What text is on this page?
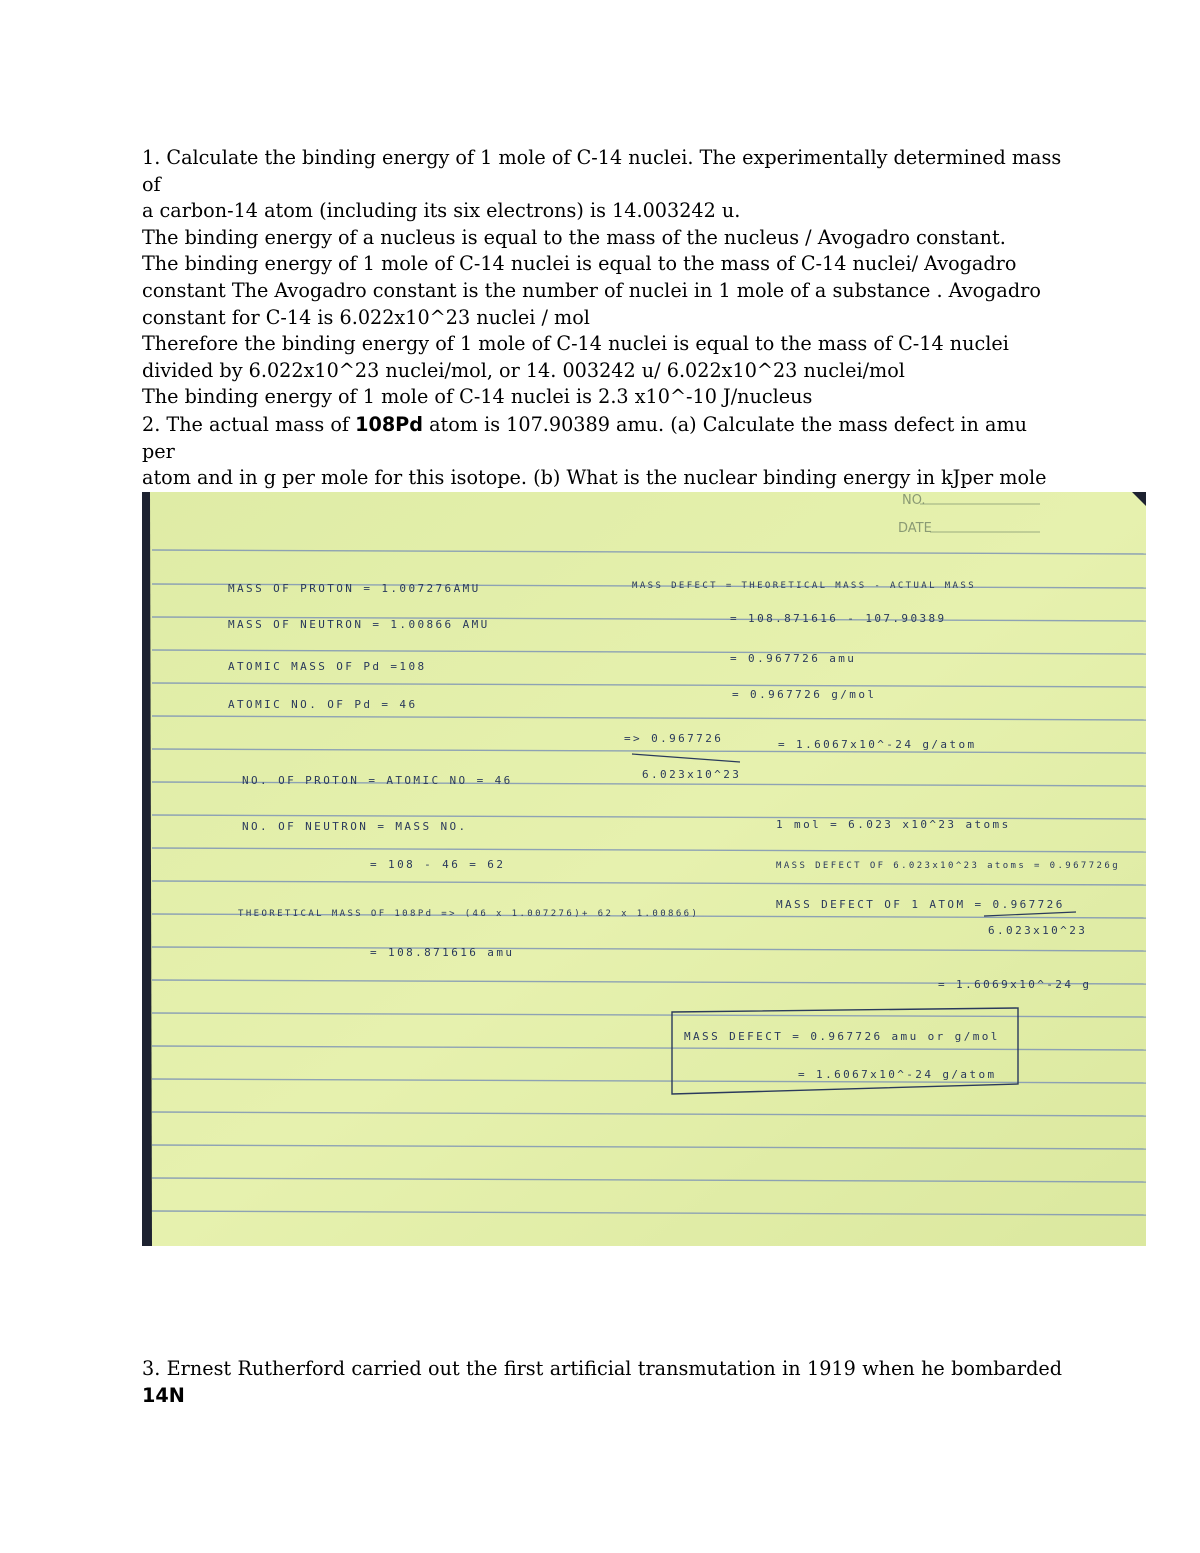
1. Calculate the binding energy of 1 mole of C-14 nuclei. The experimentally determined mass of

a carbon-14 atom (including its six electrons) is 14.003242 u.

The binding energy of a nucleus is equal to the mass of the nucleus / Avogadro constant.

The binding energy of 1 mole of C-14 nuclei is equal to the mass of C-14 nuclei/ Avogadro

constant The Avogadro constant is the number of nuclei in 1 mole of a substance . Avogadro

constant for C-14 is 6.022x10^23 nuclei / mol

Therefore the binding energy of 1 mole of C-14 nuclei is equal to the mass of C-14 nuclei

divided by 6.022x10^23 nuclei/mol, or 14. 003242 u/ 6.022x10^23 nuclei/mol

The binding energy of 1 mole of C-14 nuclei is 2.3 x10^-10 J/nucleus

2. The actual mass of 108Pd atom is 107.90389 amu. (a) Calculate the mass defect in amu per

atom and in g per mole for this isotope. (b) What is the nuclear binding energy in kJper mole

DATE
NO.
MASS OF PROTON = 1.007276AMU
MASS OF NEUTRON = 1.00866 AMU
ATOMIC MASS OF Pd =108
ATOMIC NO. OF Pd = 46
NO. OF PROTON = ATOMIC NO = 46
NO. OF NEUTRON = MASS NO.
= 108 - 46 = 62
THEORETICAL MASS OF 108Pd => (46 x 1.007276)+ 62 x 1.00866)
= 108.871616 amu
MASS DEFECT = THEORETICAL MASS - ACTUAL MASS
= 108.871616 - 107.90389
= 0.967726 amu
= 0.967726 g/mol
=> 0.967726
6.023x10^23
= 1.6067x10^-24 g/atom
1 mol = 6.023 x10^23 atoms
MASS DEFECT OF 6.023x10^23 atoms = 0.967726g
MASS DEFECT OF 1 ATOM = 0.967726
6.023x10^23
= 1.6069x10^-24 g
MASS DEFECT = 0.967726 amu or g/mol
= 1.6067x10^-24 g/atom

3. Ernest Rutherford carried out the first artificial transmutation in 1919 when he bombarded

14N
